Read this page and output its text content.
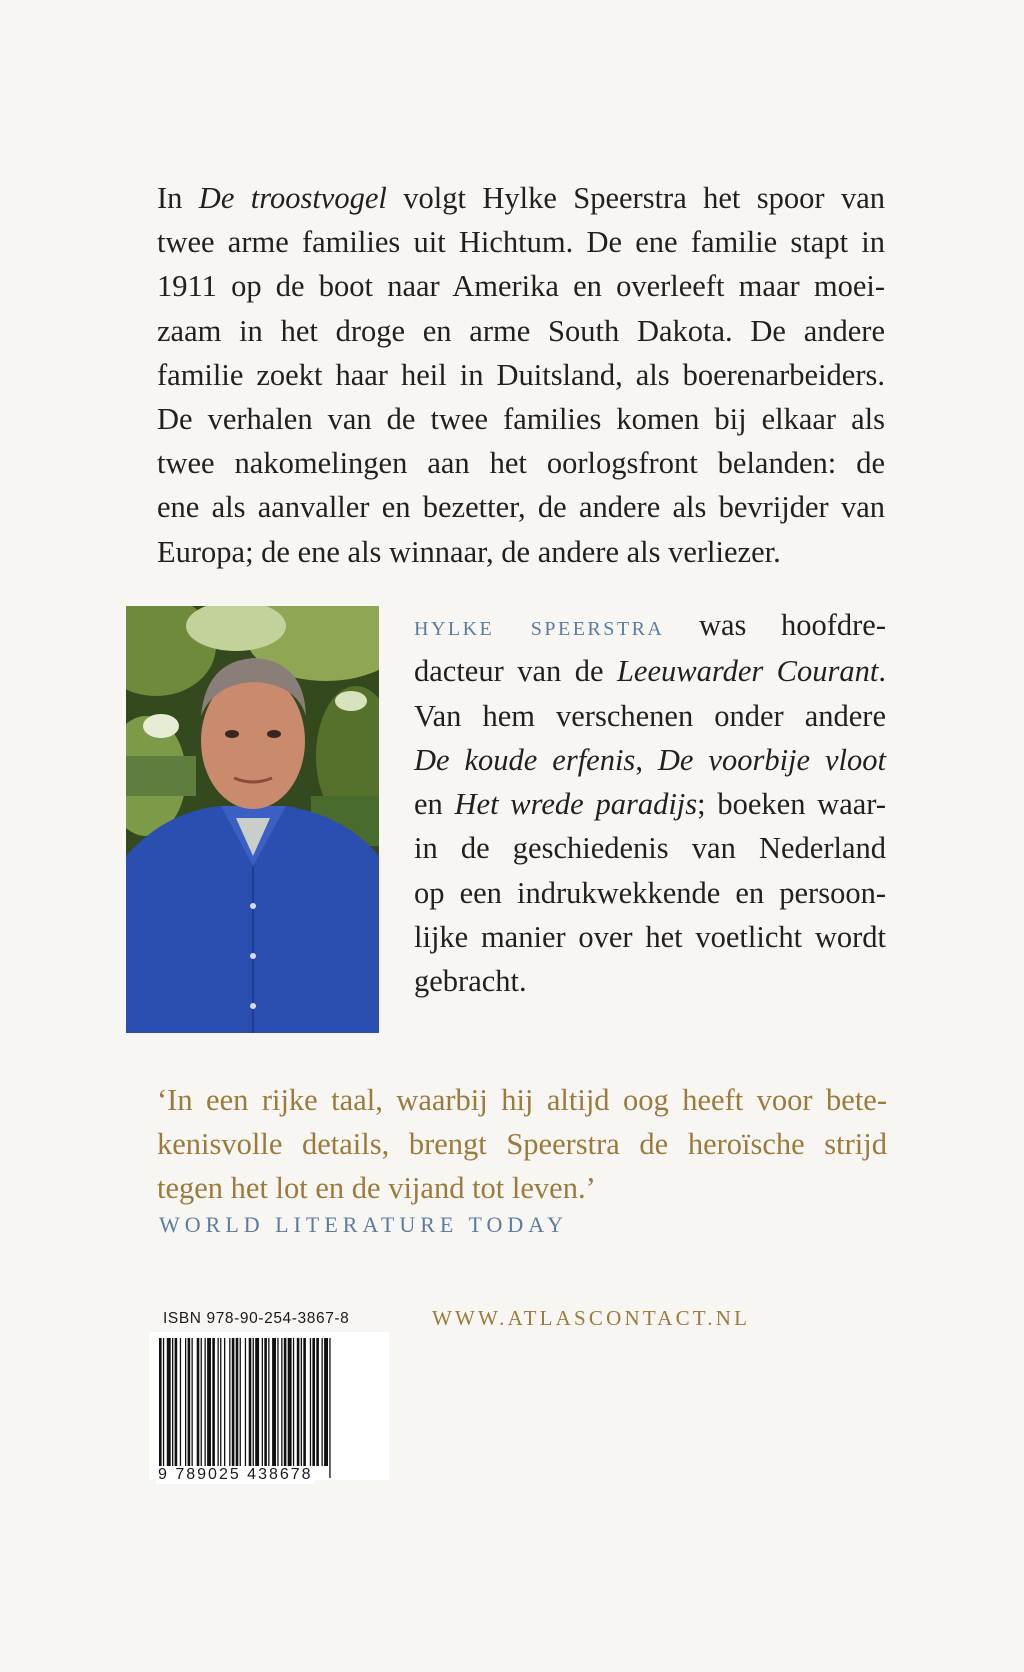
In De troostvogel volgt Hylke Speerstra het spoor van
twee arme families uit Hichtum. De ene familie stapt in
1911 op de boot naar Amerika en overleeft maar moei-
zaam in het droge en arme South Dakota. De andere
familie zoekt haar heil in Duitsland, als boerenarbeiders.
De verhalen van de twee families komen bij elkaar als
twee nakomelingen aan het oorlogsfront belanden: de
ene als aanvaller en bezetter, de andere als bevrijder van
Europa; de ene als winnaar, de andere als verliezer.
hylke speerstra was hoofdre-
dacteur van de Leeuwarder Courant.
Van hem verschenen onder andere
De koude erfenis, De voorbije vloot
en Het wrede paradijs; boeken waar-
in de geschiedenis van Nederland
op een indrukwekkende en persoon-
lijke manier over het voetlicht wordt
gebracht.
‘In een rijke taal, waarbij hij altijd oog heeft voor bete-
kenisvolle details, brengt Speerstra de heroïsche strijd
tegen het lot en de vijand tot leven.’
WORLD LITERATURE TODAY
ISBN 978-90-254-3867-8	WWW.ATLASCONTACT.NL
9 789025 438678
